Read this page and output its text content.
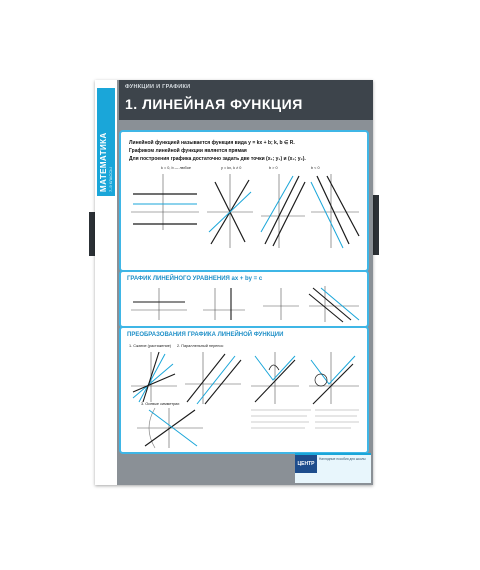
7–9 КЛАССЫ
ФУНКЦИИ И ГРАФИКИ
1. ЛИНЕЙНАЯ ФУНКЦИЯ
Линейной функцией называется функция вида y = kx + b; k, b ∈ R.
Графиком линейной функции является прямая
Для построения графика достаточно задать две точки (x₁; y₁) и (x₂; y₂).
k = 0, b — любое	y = kx, k ≠ 0	b > 0	b < 0
ГРАФИК ЛИНЕЙНОГО УРАВНЕНИЯ ax + by = c
ПРЕОБРАЗОВАНИЯ ГРАФИКА ЛИНЕЙНОЙ ФУНКЦИИ
1. Сжатие (растяжение) 2. Параллельный перенос
3. Осевые симметрии
ЦЕНТР
Наглядные пособия для школы
